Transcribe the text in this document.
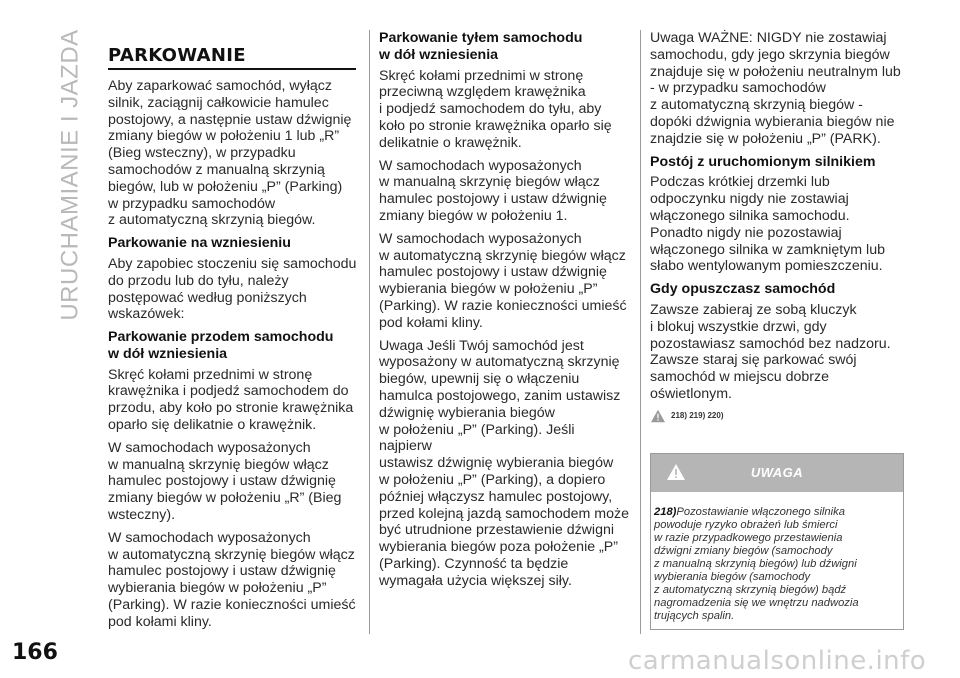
URUCHAMIANIE I JAZDA PARKOWANIE

Aby zaparkować samochód, wyłącz
silnik, zaciągnij całkowicie hamulec
postojowy, a następnie ustaw dźwignię
zmiany biegów w położeniu 1 lub „R”
(Bieg wsteczny), w przypadku
samochodów z manualną skrzynią
biegów, lub w położeniu „P” (Parking)
w przypadku samochodów
z automatyczną skrzynią biegów.

Parkowanie na wzniesieniu

Aby zapobiec stoczeniu się samochodu
do przodu lub do tyłu, należy
postępować według poniższych
wskazówek:

Parkowanie przodem samochodu
w dół wzniesienia

Skręć kołami przednimi w stronę
krawężnika i podjedź samochodem do
przodu, aby koło po stronie krawężnika
oparło się delikatnie o krawężnik.

W samochodach wyposażonych
w manualną skrzynię biegów włącz
hamulec postojowy i ustaw dźwignię
zmiany biegów w położeniu „R” (Bieg
wsteczny).

W samochodach wyposażonych
w automatyczną skrzynię biegów włącz
hamulec postojowy i ustaw dźwignię
wybierania biegów w położeniu „P”
(Parking). W razie konieczności umieść
pod kołami kliny.

Parkowanie tyłem samochodu
w dół wzniesienia

Skręć kołami przednimi w stronę
przeciwną względem krawężnika
i podjedź samochodem do tyłu, aby
koło po stronie krawężnika oparło się
delikatnie o krawężnik.

W samochodach wyposażonych
w manualną skrzynię biegów włącz
hamulec postojowy i ustaw dźwignię
zmiany biegów w położeniu 1.

W samochodach wyposażonych
w automatyczną skrzynię biegów włącz
hamulec postojowy i ustaw dźwignię
wybierania biegów w położeniu „P”
(Parking). W razie konieczności umieść
pod kołami kliny.

Uwaga Jeśli Twój samochód jest
wyposażony w automatyczną skrzynię
biegów, upewnij się o włączeniu
hamulca postojowego, zanim ustawisz
dźwignię wybierania biegów
w położeniu „P” (Parking). Jeśli najpierw
ustawisz dźwignię wybierania biegów
w położeniu „P” (Parking), a dopiero
później włączysz hamulec postojowy,
przed kolejną jazdą samochodem może
być utrudnione przestawienie dźwigni
wybierania biegów poza położenie „P”
(Parking). Czynność ta będzie
wymagała użycia większej siły.

Uwaga WAŻNE: NIGDY nie zostawiaj
samochodu, gdy jego skrzynia biegów
znajduje się w położeniu neutralnym lub
- w przypadku samochodów
z automatyczną skrzynią biegów -
dopóki dźwignia wybierania biegów nie
znajdzie się w położeniu „P” (PARK).

Postój z uruchomionym silnikiem

Podczas krótkiej drzemki lub
odpoczynku nigdy nie zostawiaj
włączonego silnika samochodu.
Ponadto nigdy nie pozostawiaj
włączonego silnika w zamkniętym lub
słabo wentylowanym pomieszczeniu.

Gdy opuszczasz samochód

Zawsze zabieraj ze sobą kluczyk
i blokuj wszystkie drzwi, gdy
pozostawiasz samochód bez nadzoru.
Zawsze staraj się parkować swój
samochód w miejscu dobrze
oświetlonym.

218) 219) 220)
UWAGA
218)Pozostawianie włączonego silnika
powoduje ryzyko obrażeń lub śmierci
w razie przypadkowego przestawienia
dźwigni zmiany biegów (samochody
z manualną skrzynią biegów) lub dźwigni
wybierania biegów (samochody
z automatyczną skrzynią biegów) bądź
nagromadzenia się we wnętrzu nadwozia
trujących spalin.
166	carmanualsonline.info
